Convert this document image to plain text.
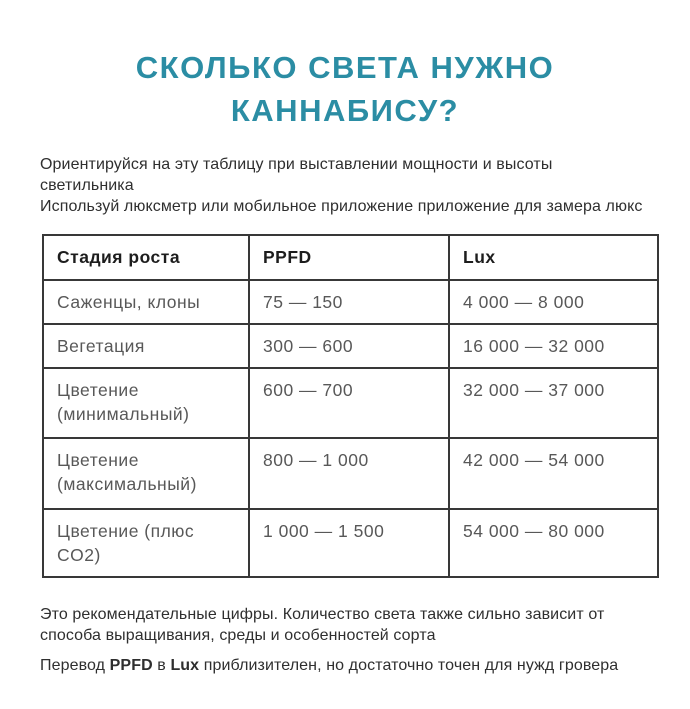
СКОЛЬКО СВЕТА НУЖНО
КАННАБИСУ?

Ориентируйся на эту таблицу при выставлении мощности и высоты светильника
Используй люксметр или мобильное приложение приложение для замера люкс

Стадия роста	PPFD	Lux
Саженцы, клоны	75 — 150	4 000 — 8 000
Вегетация	300 — 600	16 000 — 32 000
Цветение (минимальный)	600 — 700	32 000 — 37 000
Цветение (максимальный)	800 — 1 000	42 000 — 54 000
Цветение (плюс CO2)	1 000 — 1 500	54 000 — 80 000

Это рекомендательные цифры. Количество света также сильно зависит от способа выращивания, среды и особенностей сорта

Перевод PPFD в Lux приблизителен, но достаточно точен для нужд гровера
